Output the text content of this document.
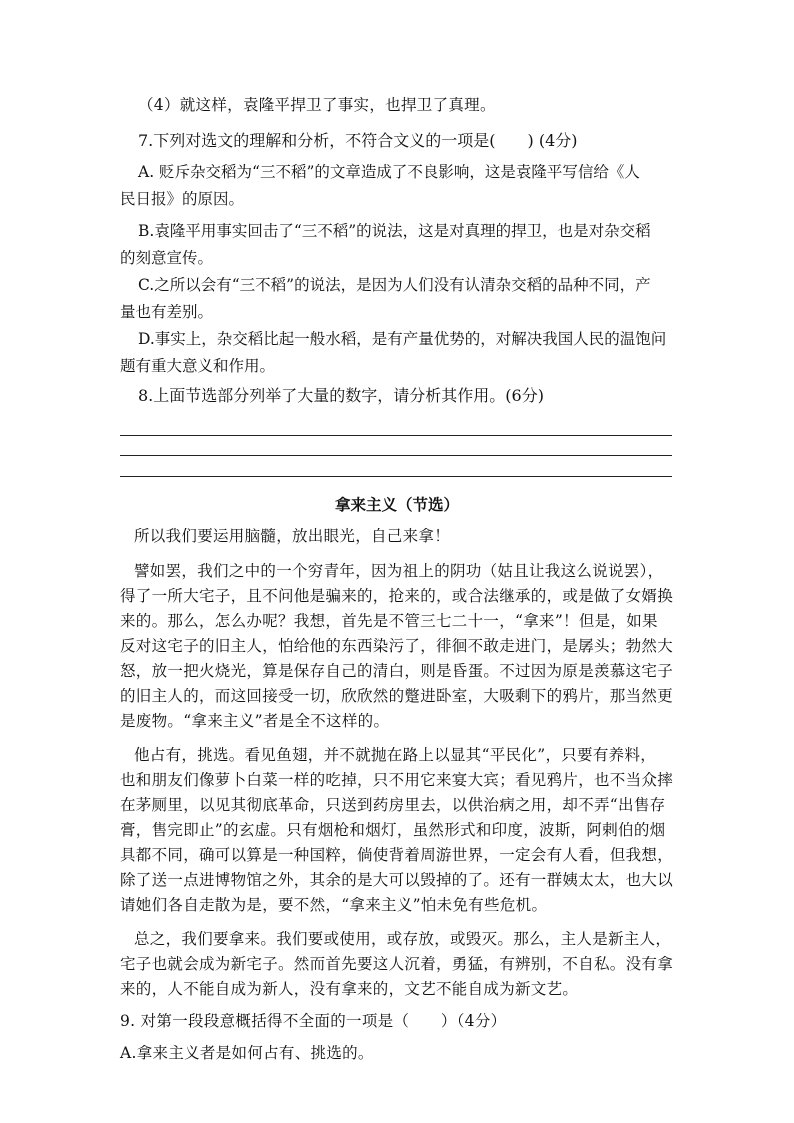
（4）就这样，袁隆平捍卫了事实，也捍卫了真理。
7.下列对选文的理解和分析，不符合文义的一项是(　　) (4分)
A. 贬斥杂交稻为“三不稻”的文章造成了不良影响，这是袁隆平写信给《人
民日报》的原因。
B.袁隆平用事实回击了“三不稻”的说法，这是对真理的捍卫，也是对杂交稻
的刻意宣传。
C.之所以会有“三不稻”的说法，是因为人们没有认清杂交稻的品种不同，产
量也有差别。
D.事实上，杂交稻比起一般水稻，是有产量优势的，对解决我国人民的温饱问
题有重大意义和作用。
8.上面节选部分列举了大量的数字，请分析其作用。(6分)
拿来主义（节选）
所以我们要运用脑髓，放出眼光，自己来拿！
譬如罢，我们之中的一个穷青年，因为祖上的阴功（姑且让我这么说说罢），
得了一所大宅子，且不问他是骗来的，抢来的，或合法继承的，或是做了女婿换
来的。那么，怎么办呢？我想，首先是不管三七二十一，“拿来”！但是，如果
反对这宅子的旧主人，怕给他的东西染污了，徘徊不敢走进门，是孱头；勃然大
怒，放一把火烧光，算是保存自己的清白，则是昏蛋。不过因为原是羡慕这宅子
的旧主人的，而这回接受一切，欣欣然的蹩进卧室，大吸剩下的鸦片，那当然更
是废物。“拿来主义”者是全不这样的。
他占有，挑选。看见鱼翅，并不就抛在路上以显其“平民化”，只要有养料，
也和朋友们像萝卜白菜一样的吃掉，只不用它来宴大宾；看见鸦片，也不当众摔
在茅厕里，以见其彻底革命，只送到药房里去，以供治病之用，却不弄“出售存
膏，售完即止”的玄虚。只有烟枪和烟灯，虽然形式和印度，波斯，阿剌伯的烟
具都不同，确可以算是一种国粹，倘使背着周游世界，一定会有人看，但我想，
除了送一点进博物馆之外，其余的是大可以毁掉的了。还有一群姨太太，也大以
请她们各自走散为是，要不然，“拿来主义”怕未免有些危机。
总之，我们要拿来。我们要或使用，或存放，或毁灭。那么，主人是新主人，
宅子也就会成为新宅子。然而首先要这人沉着，勇猛，有辨别，不自私。没有拿
来的，人不能自成为新人，没有拿来的，文艺不能自成为新文艺。
9. 对第一段段意概括得不全面的一项是（　　）（4分）
A.拿来主义者是如何占有、挑选的。
